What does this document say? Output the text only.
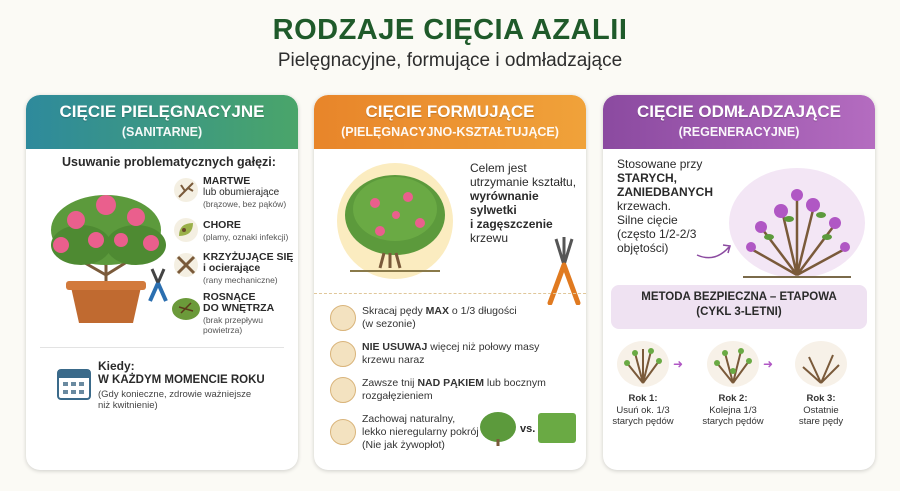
RODZAJE CIĘCIA AZALII
Pielęgnacyjne, formujące i odmładzające
CIĘCIE PIELĘGNACYJNE
(SANITARNE)
Usuwanie problematycznych gałęzi:
MARTWE
lub obumierające
(brązowe, bez pąków)
CHORE
(plamy, oznaki infekcji)
KRZYŻUJĄCE SIĘ
i ocierające
(rany mechaniczne)
ROSNĄCE
DO WNĘTRZA
(brak przepływu
powietrza)
Kiedy:
W KAŻDYM MOMENCIE ROKU
(Gdy konieczne, zdrowie ważniejsze
niż kwitnienie)
CIĘCIE FORMUJĄCE
(PIELĘGNACYJNO-KSZTAŁTUJĄCE)
Celem jest
utrzymanie kształtu,
wyrównanie
sylwetki
i zagęszczenie
krzewu
Skracaj pędy MAX o 1/3 długości
(w sezonie)
NIE USUWAJ więcej niż połowy masy
krzewu naraz
Zawsze tnij NAD PĄKIEM lub bocznym
rozgałęzieniem
Zachowaj naturalny,
lekko nieregularny pokrój
(Nie jak żywopłot)
vs.
CIĘCIE ODMŁADZAJĄCE
(REGENERACYJNE)
Stosowane przy
STARYCH,
ZANIEDBANYCH
krzewach.
Silne cięcie
(często 1/2-2/3
objętości)
METODA BEZPIECZNA – ETAPOWA
(CYKL 3-LETNI)
➜	➜
Rok 1:
Usuń ok. 1/3
starych pędów
Rok 2:
Kolejna 1/3
starych pędów
Rok 3:
Ostatnie
stare pędy
